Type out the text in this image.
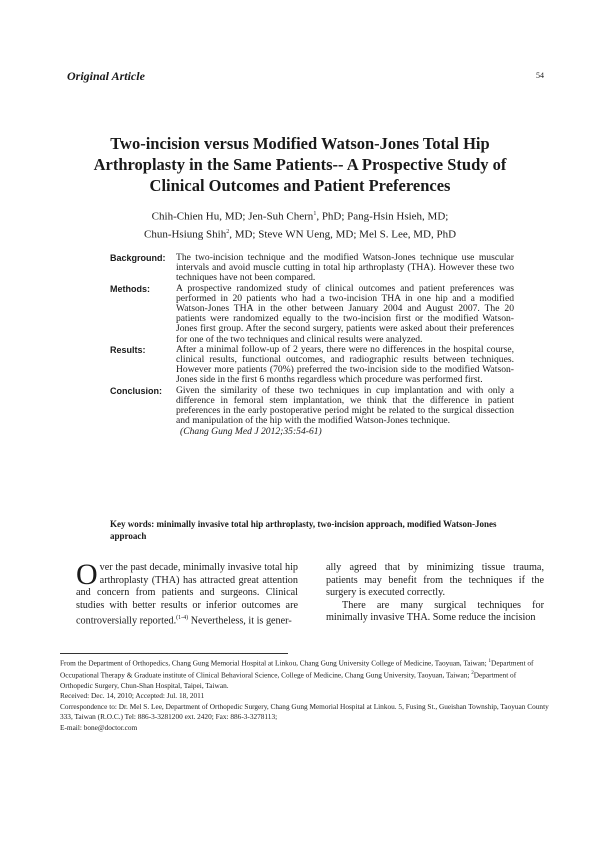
Original Article	54
Two-incision versus Modified Watson-Jones Total Hip Arthroplasty in the Same Patients-- A Prospective Study of Clinical Outcomes and Patient Preferences
Chih-Chien Hu, MD; Jen-Suh Chern$^1$, PhD; Pang-Hsin Hsieh, MD;
Chun-Hsiung Shih$^2$, MD; Steve WN Ueng, MD; Mel S. Lee, MD, PhD
Background:	The two-incision technique and the modified Watson-Jones technique use muscular intervals and avoid muscle cutting in total hip arthroplasty (THA). However these two techniques have not been compared.
Methods:	A prospective randomized study of clinical outcomes and patient preferences was performed in 20 patients who had a two-incision THA in one hip and a modified Watson-Jones THA in the other between January 2004 and August 2007. The 20 patients were randomized equally to the two-incision first or the modified Watson-Jones first group. After the second surgery, patients were asked about their preferences for one of the two techniques and clinical results were analyzed.
Results:	After a minimal follow-up of 2 years, there were no differences in the hospital course, clinical results, functional outcomes, and radiographic results between techniques. However more patients (70%) preferred the two-incision side to the modified Watson-Jones side in the first 6 months regardless which procedure was performed first.
Conclusion:	Given the similarity of these two techniques in cup implantation and with only a difference in femoral stem implantation, we think that the difference in patient preferences in the early postoperative period might be related to the surgical dissection and manipulation of the hip with the modified Watson-Jones technique.
(Chang Gung Med J 2012;35:54-61)
Key words: minimally invasive total hip arthroplasty, two-incision approach, modified Watson-Jones approach
Over the past decade, minimally invasive total hip arthroplasty (THA) has attracted great attention and concern from patients and surgeons. Clinical studies with better results or inferior outcomes are controversially reported.$^{(1-4)}$ Nevertheless, it is gener-
ally agreed that by minimizing tissue trauma, patients may benefit from the techniques if the surgery is executed correctly.
There are many surgical techniques for minimally invasive THA. Some reduce the incision
From the Department of Orthopedics, Chang Gung Memorial Hospital at Linkou, Chang Gung University College of Medicine, Taoyuan, Taiwan; $^1$Department of Occupational Therapy & Graduate institute of Clinical Behavioral Science, College of Medicine, Chang Gung University, Taoyuan, Taiwan; $^2$Department of Orthopedic Surgery, Chun-Shan Hospital, Taipei, Taiwan.
Received: Dec. 14, 2010; Accepted: Jul. 18, 2011
Correspondence to: Dr. Mel S. Lee, Department of Orthopedic Surgery, Chang Gung Memorial Hospital at Linkou. 5, Fusing St., Gueishan Township, Taoyuan County 333, Taiwan (R.O.C.) Tel: 886-3-3281200 ext. 2420; Fax: 886-3-3278113;
E-mail: bone@doctor.com
